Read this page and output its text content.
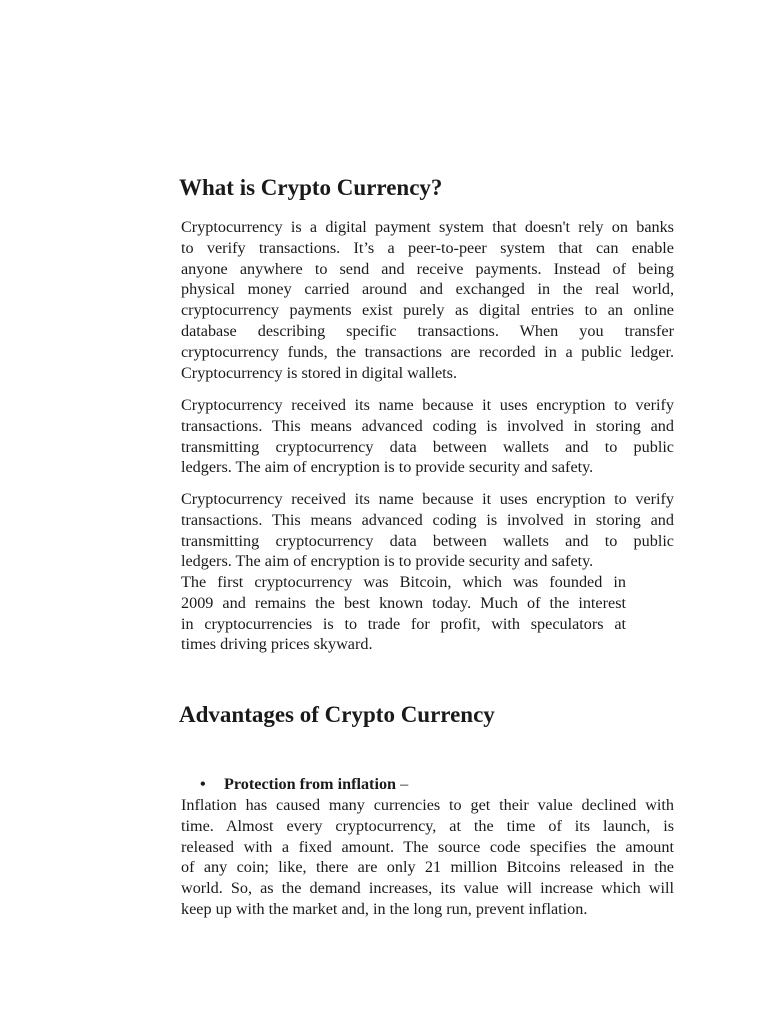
What is Crypto Currency?
Cryptocurrency is a digital payment system that doesn't rely on banks
to verify transactions. It’s a peer-to-peer system that can enable
anyone anywhere to send and receive payments. Instead of being
physical money carried around and exchanged in the real world,
cryptocurrency payments exist purely as digital entries to an online
database describing specific transactions. When you transfer
cryptocurrency funds, the transactions are recorded in a public ledger.
Cryptocurrency is stored in digital wallets.
Cryptocurrency received its name because it uses encryption to verify
transactions. This means advanced coding is involved in storing and
transmitting cryptocurrency data between wallets and to public
ledgers. The aim of encryption is to provide security and safety.
Cryptocurrency received its name because it uses encryption to verify
transactions. This means advanced coding is involved in storing and
transmitting cryptocurrency data between wallets and to public
ledgers. The aim of encryption is to provide security and safety.
The first cryptocurrency was Bitcoin, which was founded in
2009 and remains the best known today. Much of the interest
in cryptocurrencies is to trade for profit, with speculators at
times driving prices skyward.
Advantages of Crypto Currency
• Protection from inflation –
Inflation has caused many currencies to get their value declined with
time. Almost every cryptocurrency, at the time of its launch, is
released with a fixed amount. The source code specifies the amount
of any coin; like, there are only 21 million Bitcoins released in the
world. So, as the demand increases, its value will increase which will
keep up with the market and, in the long run, prevent inflation.
